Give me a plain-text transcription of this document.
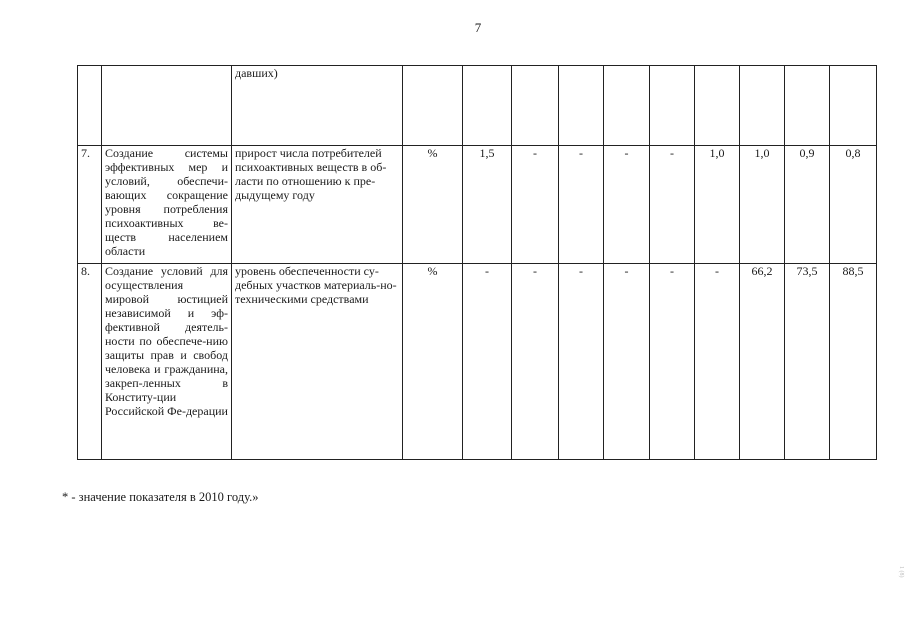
7
		давших)										
7.	Создание системы эффективных мер и условий, обеспечи-вающих сокращение уровня потребления психоактивных ве-ществ населением области	прирост числа потребителей психоактивных веществ в об-ласти по отношению к пре-дыдущему году	%	1,5	-	-	-	-	1,0	1,0	0,9	0,8
8.	Создание условий для осуществления мировой юстицией независимой и эф-фективной деятель-ности по обеспече-нию защиты прав и свобод человека и гражданина, закреп-ленных в Конститу-ции Российской Фе-дерации	уровень обеспеченности су-дебных участков материаль-но-техническими средствами	%	-	-	-	-	-	-	66,2	73,5	88,5
* - значение показателя в 2010 году.»
1 (8)
